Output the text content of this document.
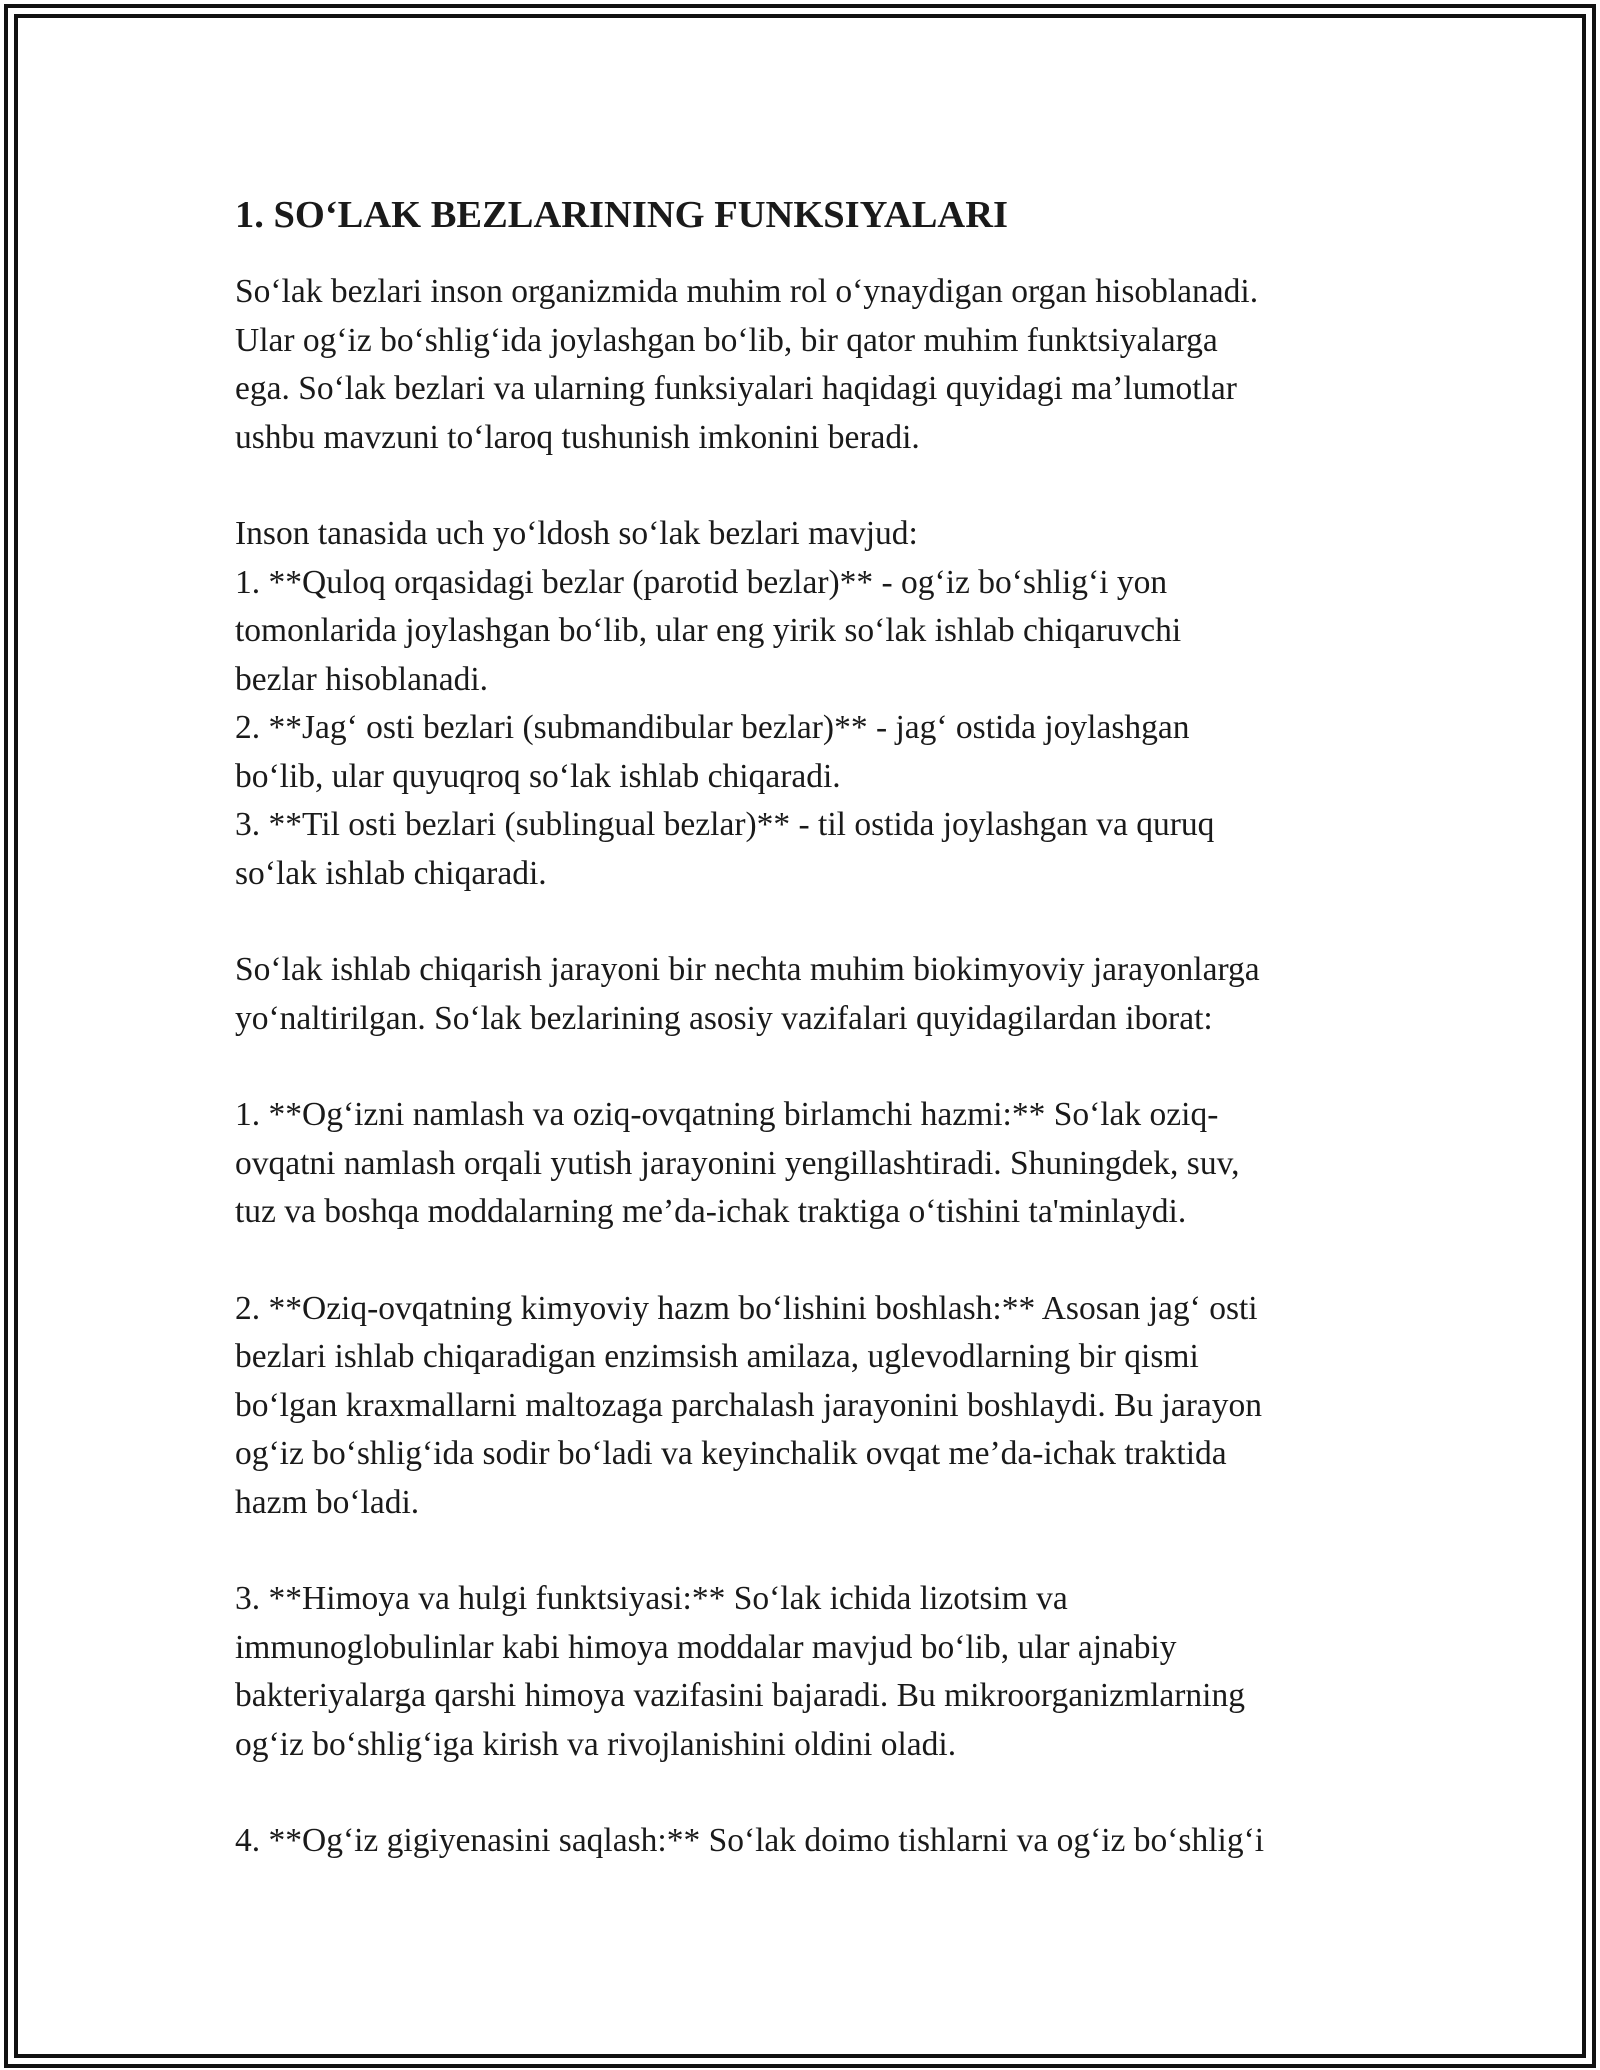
1. SO‘LAK BEZLARINING FUNKSIYALARI
So‘lak bezlari inson organizmida muhim rol o‘ynaydigan organ hisoblanadi.
Ular og‘iz bo‘shlig‘ida joylashgan bo‘lib, bir qator muhim funktsiyalarga
ega. So‘lak bezlari va ularning funksiyalari haqidagi quyidagi ma’lumotlar
ushbu mavzuni to‘laroq tushunish imkonini beradi.
Inson tanasida uch yo‘ldosh so‘lak bezlari mavjud:
1. **Quloq orqasidagi bezlar (parotid bezlar)** - og‘iz bo‘shlig‘i yon
tomonlarida joylashgan bo‘lib, ular eng yirik so‘lak ishlab chiqaruvchi
bezlar hisoblanadi.
2. **Jag‘ osti bezlari (submandibular bezlar)** - jag‘ ostida joylashgan
bo‘lib, ular quyuqroq so‘lak ishlab chiqaradi.
3. **Til osti bezlari (sublingual bezlar)** - til ostida joylashgan va quruq
so‘lak ishlab chiqaradi.
So‘lak ishlab chiqarish jarayoni bir nechta muhim biokimyoviy jarayonlarga
yo‘naltirilgan. So‘lak bezlarining asosiy vazifalari quyidagilardan iborat:
1. **Og‘izni namlash va oziq-ovqatning birlamchi hazmi:** So‘lak oziq-
ovqatni namlash orqali yutish jarayonini yengillashtiradi. Shuningdek, suv,
tuz va boshqa moddalarning me’da-ichak traktiga o‘tishini ta'minlaydi.
2. **Oziq-ovqatning kimyoviy hazm bo‘lishini boshlash:** Asosan jag‘ osti
bezlari ishlab chiqaradigan enzimsish amilaza, uglevodlarning bir qismi
bo‘lgan kraxmallarni maltozaga parchalash jarayonini boshlaydi. Bu jarayon
og‘iz bo‘shlig‘ida sodir bo‘ladi va keyinchalik ovqat me’da-ichak traktida
hazm bo‘ladi.
3. **Himoya va hulgi funktsiyasi:** So‘lak ichida lizotsim va
immunoglobulinlar kabi himoya moddalar mavjud bo‘lib, ular ajnabiy
bakteriyalarga qarshi himoya vazifasini bajaradi. Bu mikroorganizmlarning
og‘iz bo‘shlig‘iga kirish va rivojlanishini oldini oladi.
4. **Og‘iz gigiyenasini saqlash:** So‘lak doimo tishlarni va og‘iz bo‘shlig‘i
